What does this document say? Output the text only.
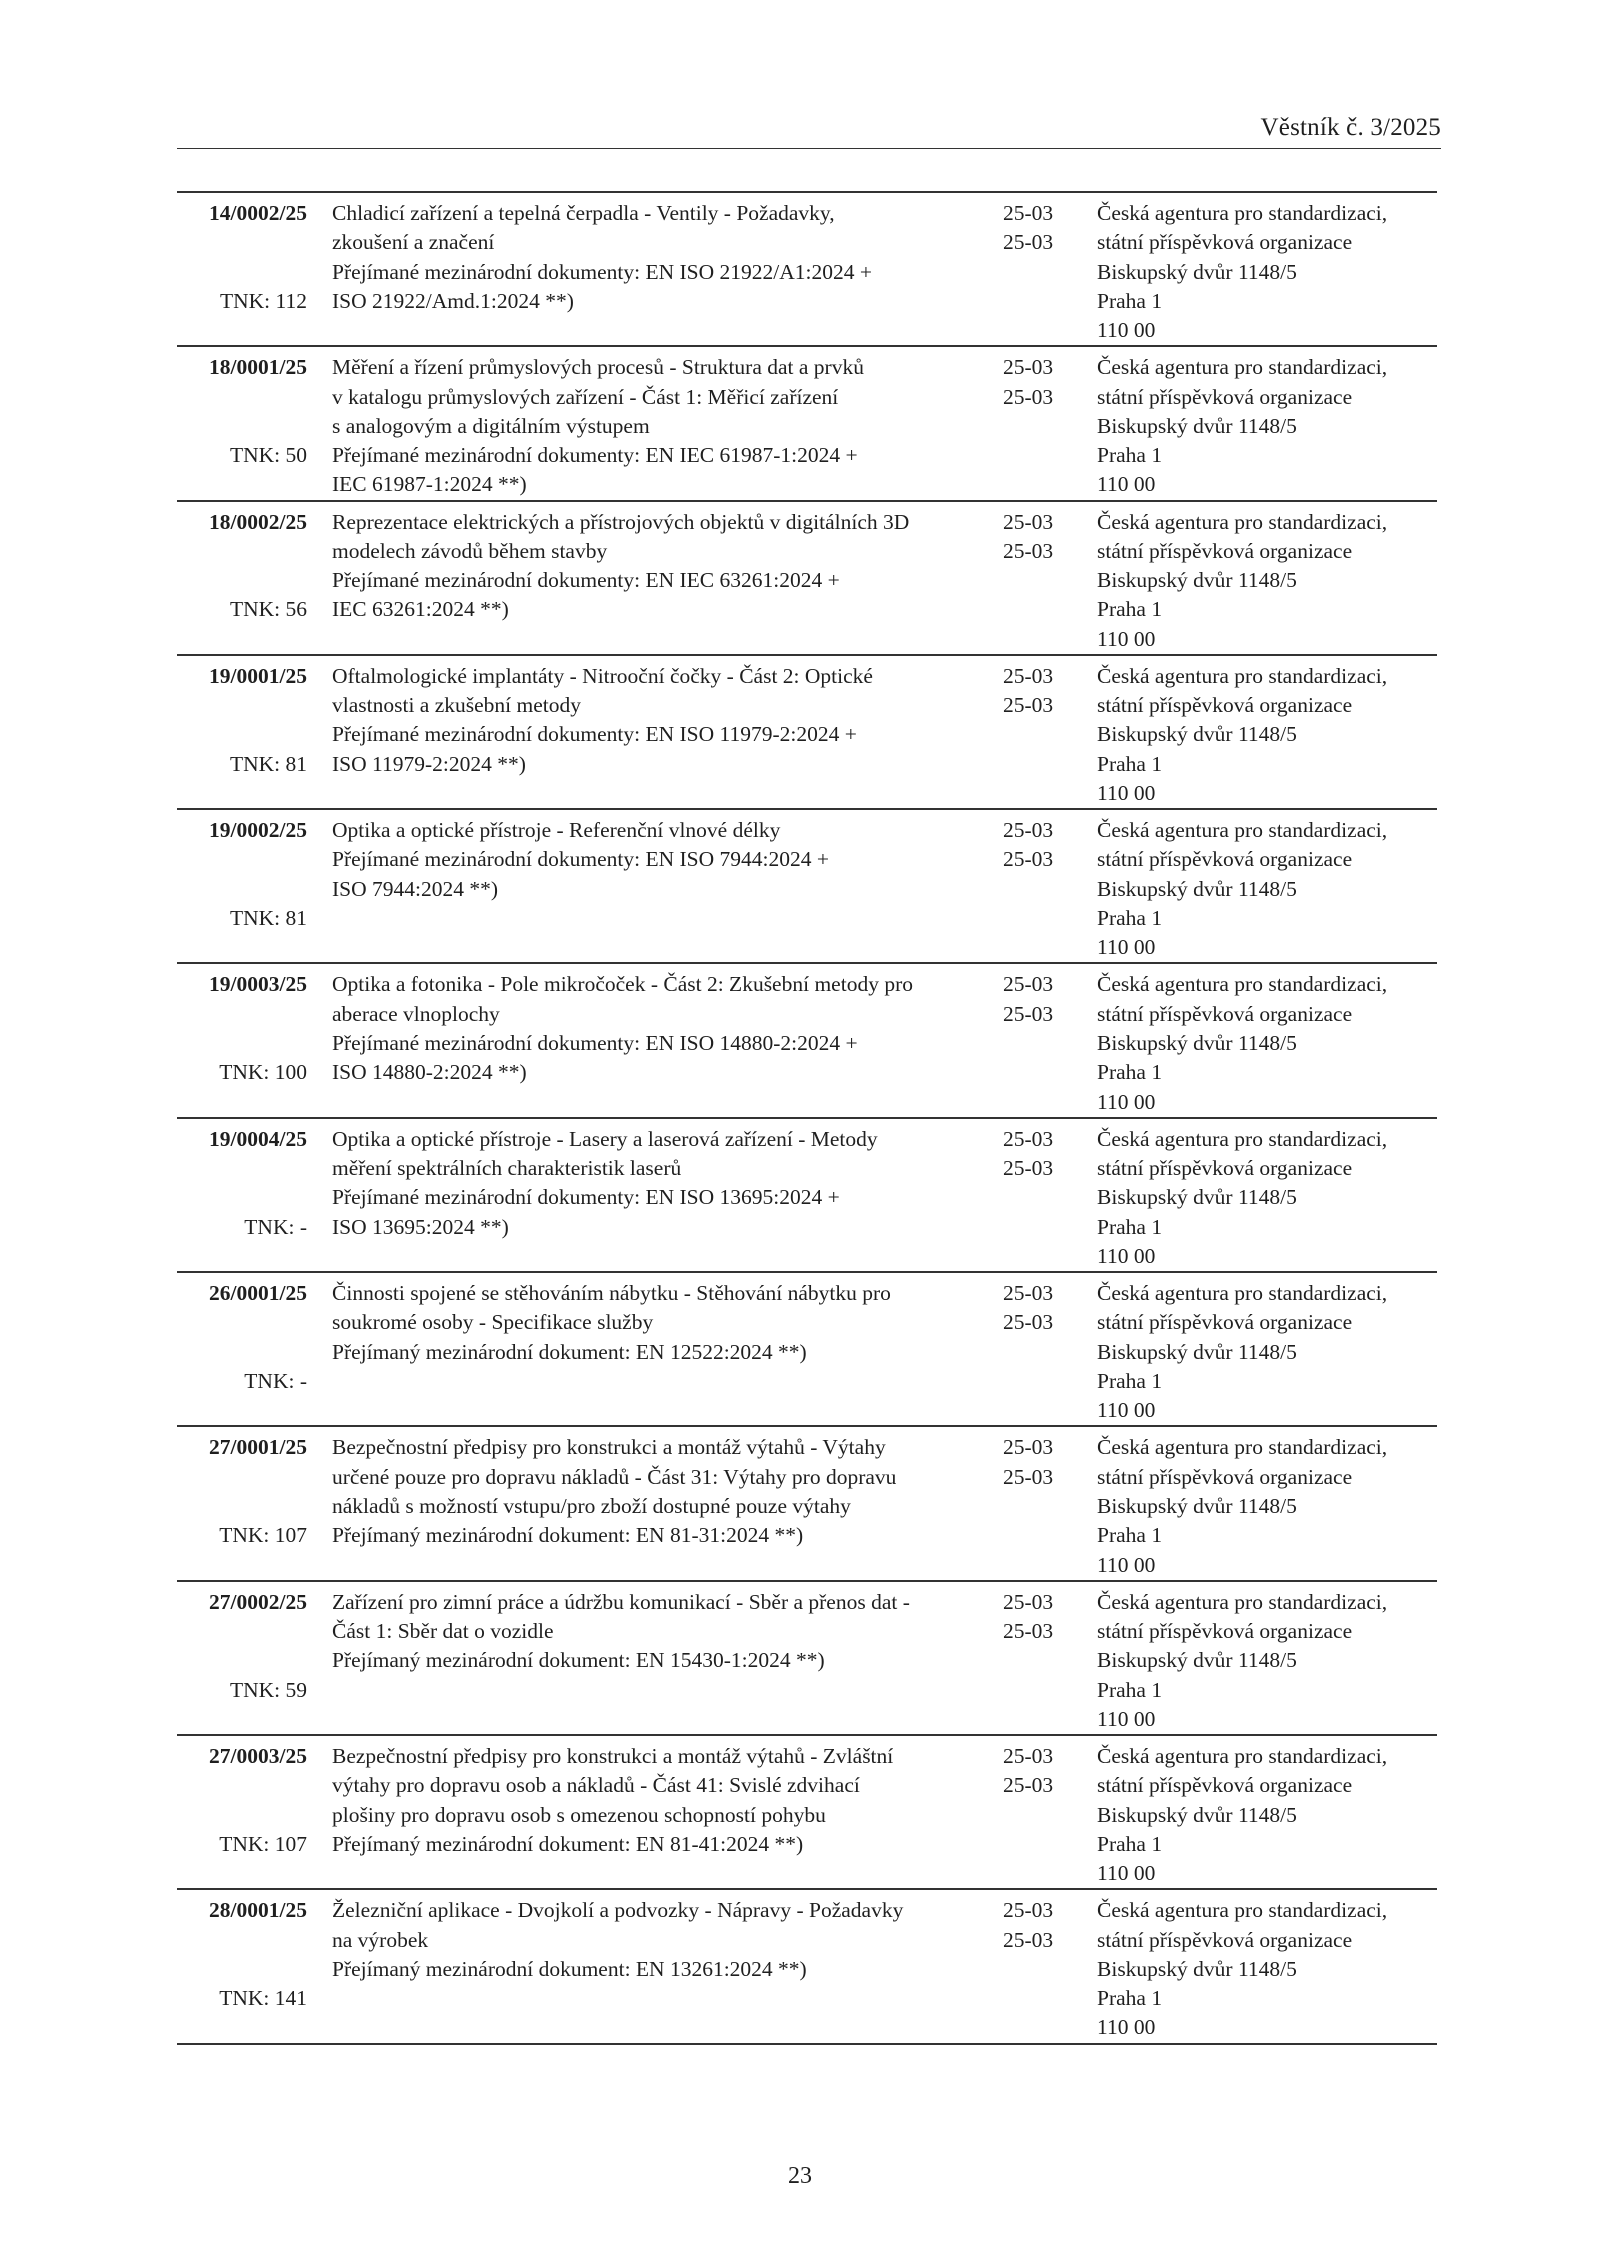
Věstník č. 3/2025
14/0002/25
TNK: 112
Chladicí zařízení a tepelná čerpadla - Ventily - Požadavky,
zkoušení a značení
Přejímané mezinárodní dokumenty: EN ISO 21922/A1:2024 +
ISO 21922/Amd.1:2024 **)
25-03
25-03
Česká agentura pro standardizaci,
státní příspěvková organizace
Biskupský dvůr 1148/5
Praha 1
110 00
18/0001/25
TNK: 50
Měření a řízení průmyslových procesů - Struktura dat a prvků
v katalogu průmyslových zařízení - Část 1: Měřicí zařízení
s analogovým a digitálním výstupem
Přejímané mezinárodní dokumenty: EN IEC 61987-1:2024 +
IEC 61987-1:2024 **)
25-03
25-03
Česká agentura pro standardizaci,
státní příspěvková organizace
Biskupský dvůr 1148/5
Praha 1
110 00
18/0002/25
TNK: 56
Reprezentace elektrických a přístrojových objektů v digitálních 3D
modelech závodů během stavby
Přejímané mezinárodní dokumenty: EN IEC 63261:2024 +
IEC 63261:2024 **)
25-03
25-03
Česká agentura pro standardizaci,
státní příspěvková organizace
Biskupský dvůr 1148/5
Praha 1
110 00
19/0001/25
TNK: 81
Oftalmologické implantáty - Nitrooční čočky - Část 2: Optické
vlastnosti a zkušební metody
Přejímané mezinárodní dokumenty: EN ISO 11979-2:2024 +
ISO 11979-2:2024 **)
25-03
25-03
Česká agentura pro standardizaci,
státní příspěvková organizace
Biskupský dvůr 1148/5
Praha 1
110 00
19/0002/25
TNK: 81
Optika a optické přístroje - Referenční vlnové délky
Přejímané mezinárodní dokumenty: EN ISO 7944:2024 +
ISO 7944:2024 **)
25-03
25-03
Česká agentura pro standardizaci,
státní příspěvková organizace
Biskupský dvůr 1148/5
Praha 1
110 00
19/0003/25
TNK: 100
Optika a fotonika - Pole mikročoček - Část 2: Zkušební metody pro
aberace vlnoplochy
Přejímané mezinárodní dokumenty: EN ISO 14880-2:2024 +
ISO 14880-2:2024 **)
25-03
25-03
Česká agentura pro standardizaci,
státní příspěvková organizace
Biskupský dvůr 1148/5
Praha 1
110 00
19/0004/25
TNK: -
Optika a optické přístroje - Lasery a laserová zařízení - Metody
měření spektrálních charakteristik laserů
Přejímané mezinárodní dokumenty: EN ISO 13695:2024 +
ISO 13695:2024 **)
25-03
25-03
Česká agentura pro standardizaci,
státní příspěvková organizace
Biskupský dvůr 1148/5
Praha 1
110 00
26/0001/25
TNK: -
Činnosti spojené se stěhováním nábytku - Stěhování nábytku pro
soukromé osoby - Specifikace služby
Přejímaný mezinárodní dokument: EN 12522:2024 **)
25-03
25-03
Česká agentura pro standardizaci,
státní příspěvková organizace
Biskupský dvůr 1148/5
Praha 1
110 00
27/0001/25
TNK: 107
Bezpečnostní předpisy pro konstrukci a montáž výtahů - Výtahy
určené pouze pro dopravu nákladů - Část 31: Výtahy pro dopravu
nákladů s možností vstupu/pro zboží dostupné pouze výtahy
Přejímaný mezinárodní dokument: EN 81-31:2024 **)
25-03
25-03
Česká agentura pro standardizaci,
státní příspěvková organizace
Biskupský dvůr 1148/5
Praha 1
110 00
27/0002/25
TNK: 59
Zařízení pro zimní práce a údržbu komunikací - Sběr a přenos dat -
Část 1: Sběr dat o vozidle
Přejímaný mezinárodní dokument: EN 15430-1:2024 **)
25-03
25-03
Česká agentura pro standardizaci,
státní příspěvková organizace
Biskupský dvůr 1148/5
Praha 1
110 00
27/0003/25
TNK: 107
Bezpečnostní předpisy pro konstrukci a montáž výtahů - Zvláštní
výtahy pro dopravu osob a nákladů - Část 41: Svislé zdvihací
plošiny pro dopravu osob s omezenou schopností pohybu
Přejímaný mezinárodní dokument: EN 81-41:2024 **)
25-03
25-03
Česká agentura pro standardizaci,
státní příspěvková organizace
Biskupský dvůr 1148/5
Praha 1
110 00
28/0001/25
TNK: 141
Železniční aplikace - Dvojkolí a podvozky - Nápravy - Požadavky
na výrobek
Přejímaný mezinárodní dokument: EN 13261:2024 **)
25-03
25-03
Česká agentura pro standardizaci,
státní příspěvková organizace
Biskupský dvůr 1148/5
Praha 1
110 00
23
